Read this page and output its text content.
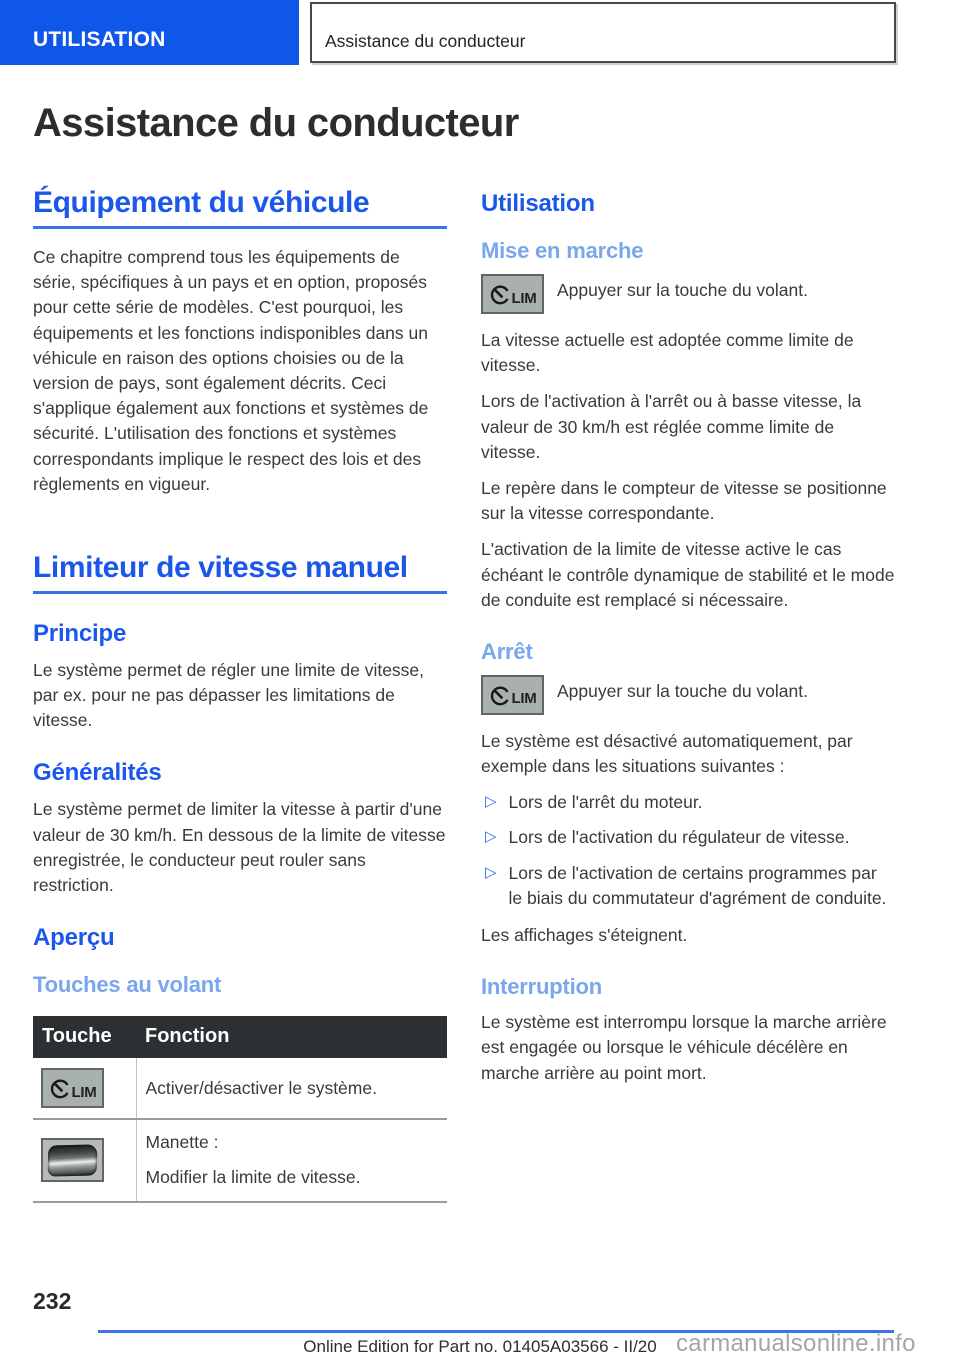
UTILISATION	Assistance du conducteur
Assistance du conducteur
Équipement du véhicule

Ce chapitre comprend tous les équipements de série, spécifiques à un pays et en option, proposés pour cette série de modèles. C'est pourquoi, les équipements et les fonctions indisponibles dans un véhicule en raison des options choisies ou de la version de pays, sont également décrits. Ceci s'applique également aux fonctions et systèmes de sécurité. L'utilisation des fonctions et systèmes correspondants implique le respect des lois et des règlements en vigueur.

Limiteur de vitesse manuel
Principe

Le système permet de régler une limite de vitesse, par ex. pour ne pas dépasser les limitations de vitesse.

Généralités

Le système permet de limiter la vitesse à partir d'une valeur de 30 km/h. En dessous de la limite de vitesse enregistrée, le conducteur peut rouler sans restriction.

Aperçu
Touches au volant
Touche	Fonction

LIM	Activer/désactiver le système.

	Manette :

Modifier la limite de vitesse.

Utilisation
Mise en marche
LIM Appuyer sur la touche du volant.

La vitesse actuelle est adoptée comme limite de vitesse.

Lors de l'activation à l'arrêt ou à basse vitesse, la valeur de 30 km/h est réglée comme limite de vitesse.

Le repère dans le compteur de vitesse se positionne sur la vitesse correspondante.

L'activation de la limite de vitesse active le cas échéant le contrôle dynamique de stabilité et le mode de conduite est remplacé si nécessaire.

Arrêt
LIM Appuyer sur la touche du volant.

Le système est désactivé automatiquement, par exemple dans les situations suivantes :

▷ Lors de l'arrêt du moteur.

▷ Lors de l'activation du régulateur de vitesse.

▷ Lors de l'activation de certains programmes par le biais du commutateur d'agrément de conduite.

Les affichages s'éteignent.

Interruption

Le système est interrompu lorsque la marche arrière est engagée ou lorsque le véhicule décélère en marche arrière au point mort.

232
Online Edition for Part no. 01405A03566 - II/20 carmanualsonline.info
